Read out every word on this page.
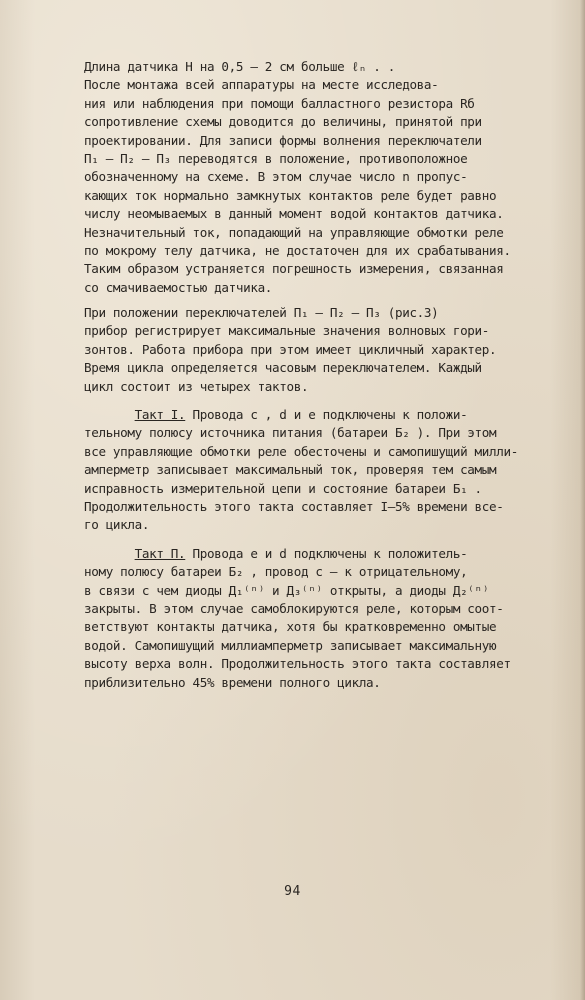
Длина датчика H на 0,5 – 2 см больше ℓₙ . .
После монтажа всей аппаратуры на месте исследова-
ния или наблюдения при помощи балластного резистора Rб
сопротивление схемы доводится до величины, принятой при
проектировании. Для записи формы волнения переключатели
П₁ – П₂ – П₃ переводятся в положение, противоположное
обозначенному на схеме. В этом случае число n пропус-
кающих ток нормально замкнутых контактов реле будет равно
числу неомываемых в данный момент водой контактов датчика.
Незначительный ток, попадающий на управляющие обмотки реле
по мокрому телу датчика, не достаточен для их срабатывания.
Таким образом устраняется погрешность измерения, связанная
со смачиваемостью датчика.
При положении переключателей П₁ – П₂ – П₃ (рис.3)
прибор регистрирует максимальные значения волновых гори-
зонтов. Работа прибора при этом имеет цикличный характер.
Время цикла определяется часовым переключателем. Каждый
цикл состоит из четырех тактов.
Такт I. Провода c , d и e подключены к положи-
тельному полюсу источника питания (батареи Б₂ ). При этом
все управляющие обмотки реле обесточены и самопишущий милли-
амперметр записывает максимальный ток, проверяя тем самым
исправность измерительной цепи и состояние батареи Б₁ .
Продолжительность этого такта составляет I–5% времени все-
го цикла.
Такт П. Провода e и d подключены к положитель-
ному полюсу батареи Б₂ , провод c – к отрицательному,
в связи с чем диоды Д₁⁽ⁿ⁾ и Д₃⁽ⁿ⁾ открыты, а диоды Д₂⁽ⁿ⁾
закрыты. В этом случае самоблокируются реле, которым соот-
ветствуют контакты датчика, хотя бы кратковременно омытые
водой. Самопишущий миллиамперметр записывает максимальную
высоту верха волн. Продолжительность этого такта составляет
приблизительно 45% времени полного цикла.
94
